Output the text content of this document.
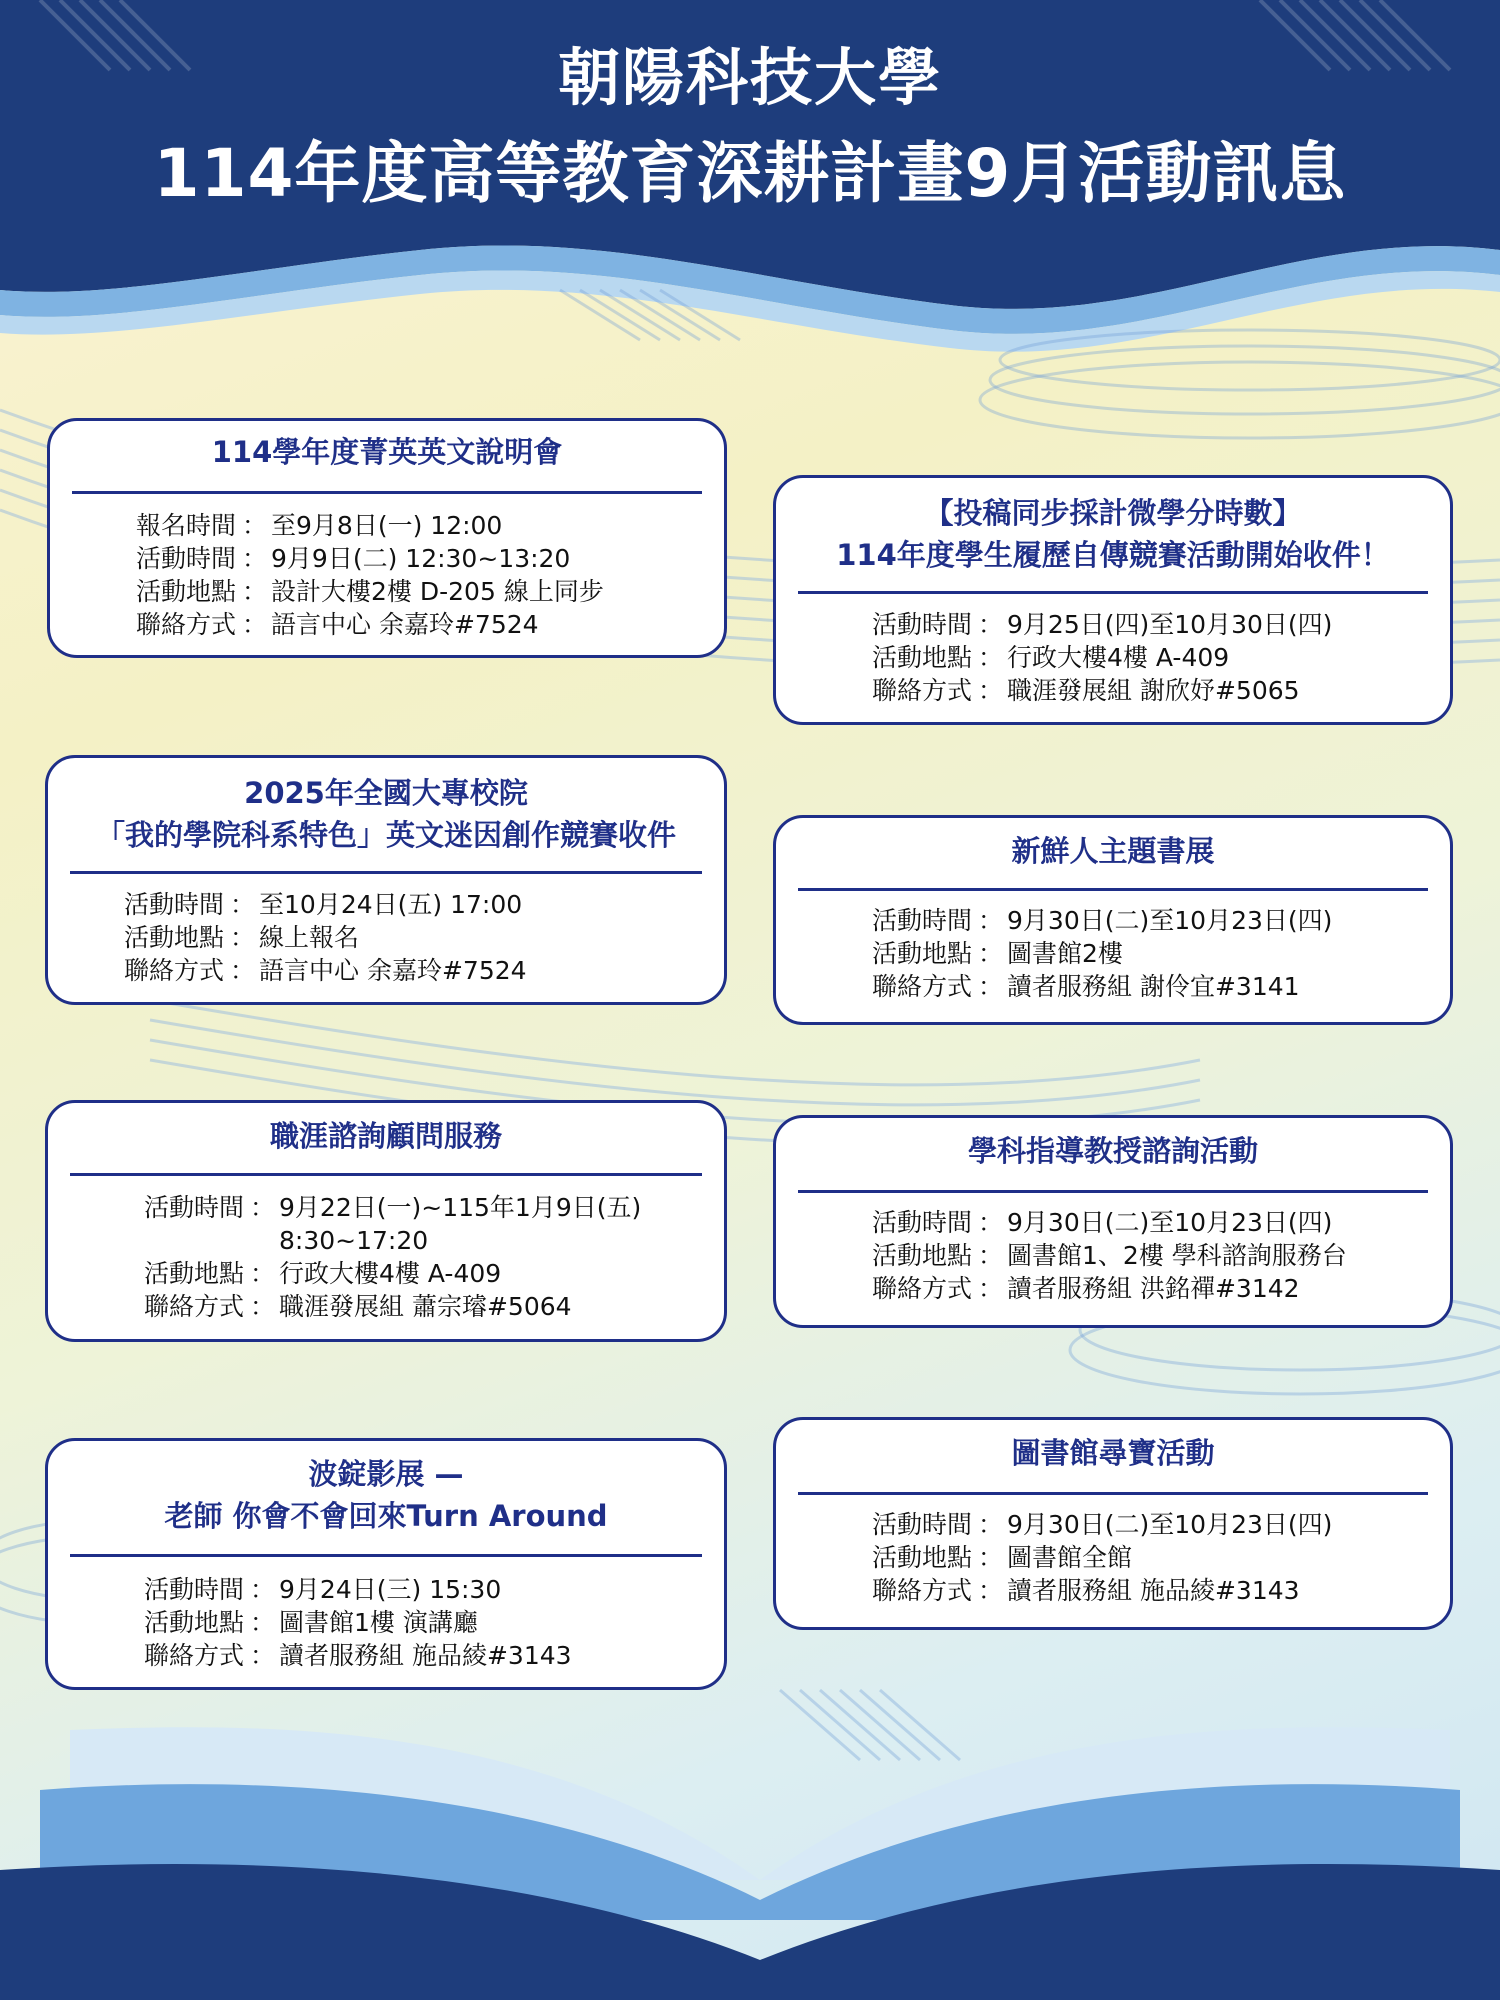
朝陽科技大學
114年度高等教育深耕計畫9月活動訊息
114學年度菁英英文說明會
報名時間 ： 至9月8日(一) 12:00
活動時間 ： 9月9日(二) 12:30~13:20
活動地點 ： 設計大樓2樓 D-205 線上同步
聯絡方式 ： 語言中心 余嘉玲#7524
【投稿同步採計微學分時數】
114年度學生履歷自傳競賽活動開始收件！
活動時間 ： 9月25日(四)至10月30日(四)
活動地點 ： 行政大樓4樓 A-409
聯絡方式 ： 職涯發展組 謝欣妤#5065
2025年全國大專校院
「我的學院科系特色」英文迷因創作競賽收件
活動時間 ： 至10月24日(五) 17:00
活動地點 ： 線上報名
聯絡方式 ： 語言中心 余嘉玲#7524
新鮮人主題書展
活動時間 ： 9月30日(二)至10月23日(四)
活動地點 ： 圖書館2樓
聯絡方式 ： 讀者服務組 謝伶宜#3141
職涯諮詢顧問服務
活動時間 ： 9月22日(一)~115年1月9日(五)
8:30~17:20
活動地點 ： 行政大樓4樓 A-409
聯絡方式 ： 職涯發展組 蕭宗璿#5064
學科指導教授諮詢活動
活動時間 ： 9月30日(二)至10月23日(四)
活動地點 ： 圖書館1、2樓 學科諮詢服務台
聯絡方式 ： 讀者服務組 洪銘禪#3142
波錠影展 —
老師 你會不會回來Turn Around
活動時間 ： 9月24日(三) 15:30
活動地點 ： 圖書館1樓 演講廳
聯絡方式 ： 讀者服務組 施品綾#3143
圖書館尋寶活動
活動時間 ： 9月30日(二)至10月23日(四)
活動地點 ： 圖書館全館
聯絡方式 ： 讀者服務組 施品綾#3143
